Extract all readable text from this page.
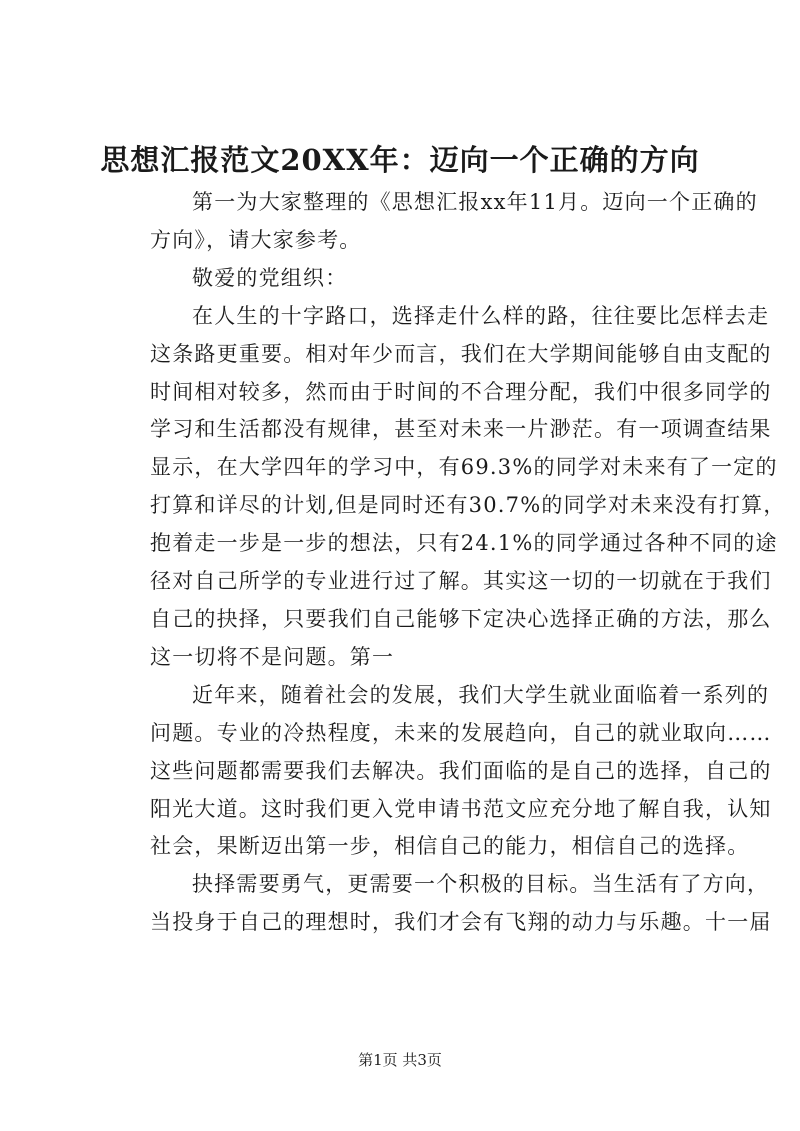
思想汇报范文20XX年：迈向一个正确的方向

第一为大家整理的《思想汇报xx年11月。迈向一个正确的
方向》，请大家参考。

敬爱的党组织：

在人生的十字路口，选择走什么样的路，往往要比怎样去走
这条路更重要。相对年少而言，我们在大学期间能够自由支配的
时间相对较多，然而由于时间的不合理分配，我们中很多同学的
学习和生活都没有规律，甚至对未来一片渺茫。有一项调查结果
显示，在大学四年的学习中，有69.3%的同学对未来有了一定的
打算和详尽的计划,但是同时还有30.7%的同学对未来没有打算，
抱着走一步是一步的想法，只有24.1%的同学通过各种不同的途
径对自己所学的专业进行过了解。其实这一切的一切就在于我们
自己的抉择，只要我们自己能够下定决心选择正确的方法，那么
这一切将不是问题。第一

近年来，随着社会的发展，我们大学生就业面临着一系列的
问题。专业的冷热程度，未来的发展趋向，自己的就业取向……
这些问题都需要我们去解决。我们面临的是自己的选择，自己的
阳光大道。这时我们更入党申请书范文应充分地了解自我，认知
社会，果断迈出第一步，相信自己的能力，相信自己的选择。

抉择需要勇气，更需要一个积极的目标。当生活有了方向，
当投身于自己的理想时，我们才会有飞翔的动力与乐趣。十一届

第1页 共3页
